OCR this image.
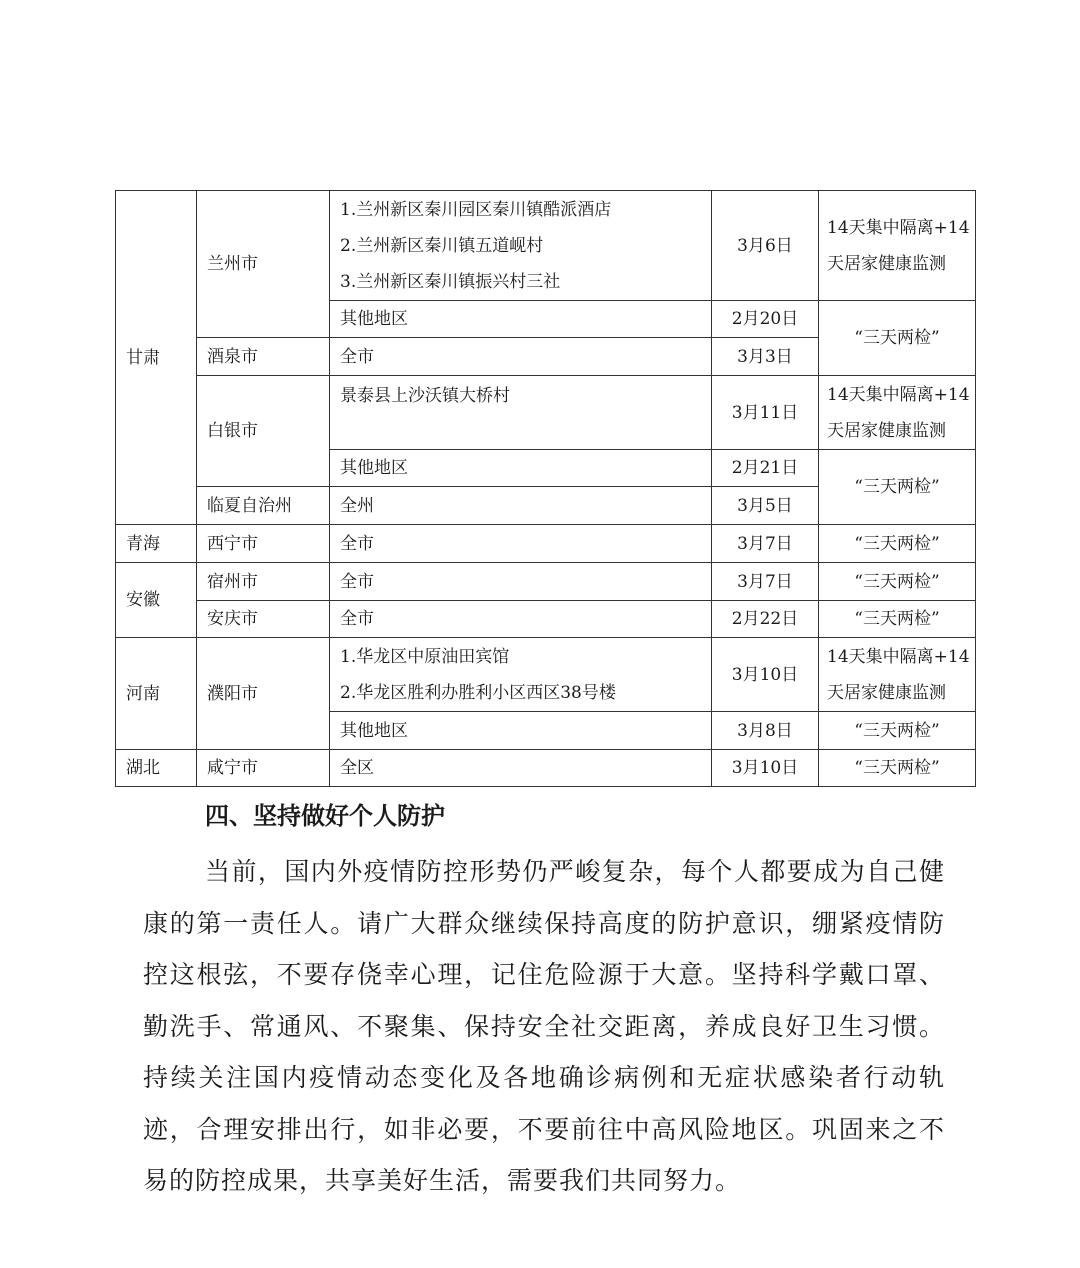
甘肃	兰州市	1.兰州新区秦川园区秦川镇酷派酒店
2.兰州新区秦川镇五道岘村
3.兰州新区秦川镇振兴村三社	3月6日	14天集中隔离+14
天居家健康监测

		其他地区	2月20日	“三天两检”
	酒泉市	全市	3月3日	
	白银市	景泰县上沙沃镇大桥村	3月11日	14天集中隔离+14
天居家健康监测

		其他地区	2月21日	“三天两检”
	临夏自治州	全州	3月5日	
青海	西宁市	全市	3月7日	“三天两检”
安徽	宿州市	全市	3月7日	“三天两检”
	安庆市	全市	2月22日	“三天两检”
河南	濮阳市	1.华龙区中原油田宾馆
2.华龙区胜利办胜利小区西区38号楼	3月10日	14天集中隔离+14
天居家健康监测

		其他地区	3月8日	“三天两检”
湖北	咸宁市	全区	3月10日	“三天两检”
四、坚持做好个人防护
当前，国内外疫情防控形势仍严峻复杂，每个人都要成为自己健康的第一责任人。请广大群众继续保持高度的防护意识，绷紧疫情防控这根弦，不要存侥幸心理，记住危险源于大意。坚持科学戴口罩、勤洗手、常通风、不聚集、保持安全社交距离，养成良好卫生习惯。持续关注国内疫情动态变化及各地确诊病例和无症状感染者行动轨迹，合理安排出行，如非必要，不要前往中高风险地区。巩固来之不易的防控成果，共享美好生活，需要我们共同努力。
